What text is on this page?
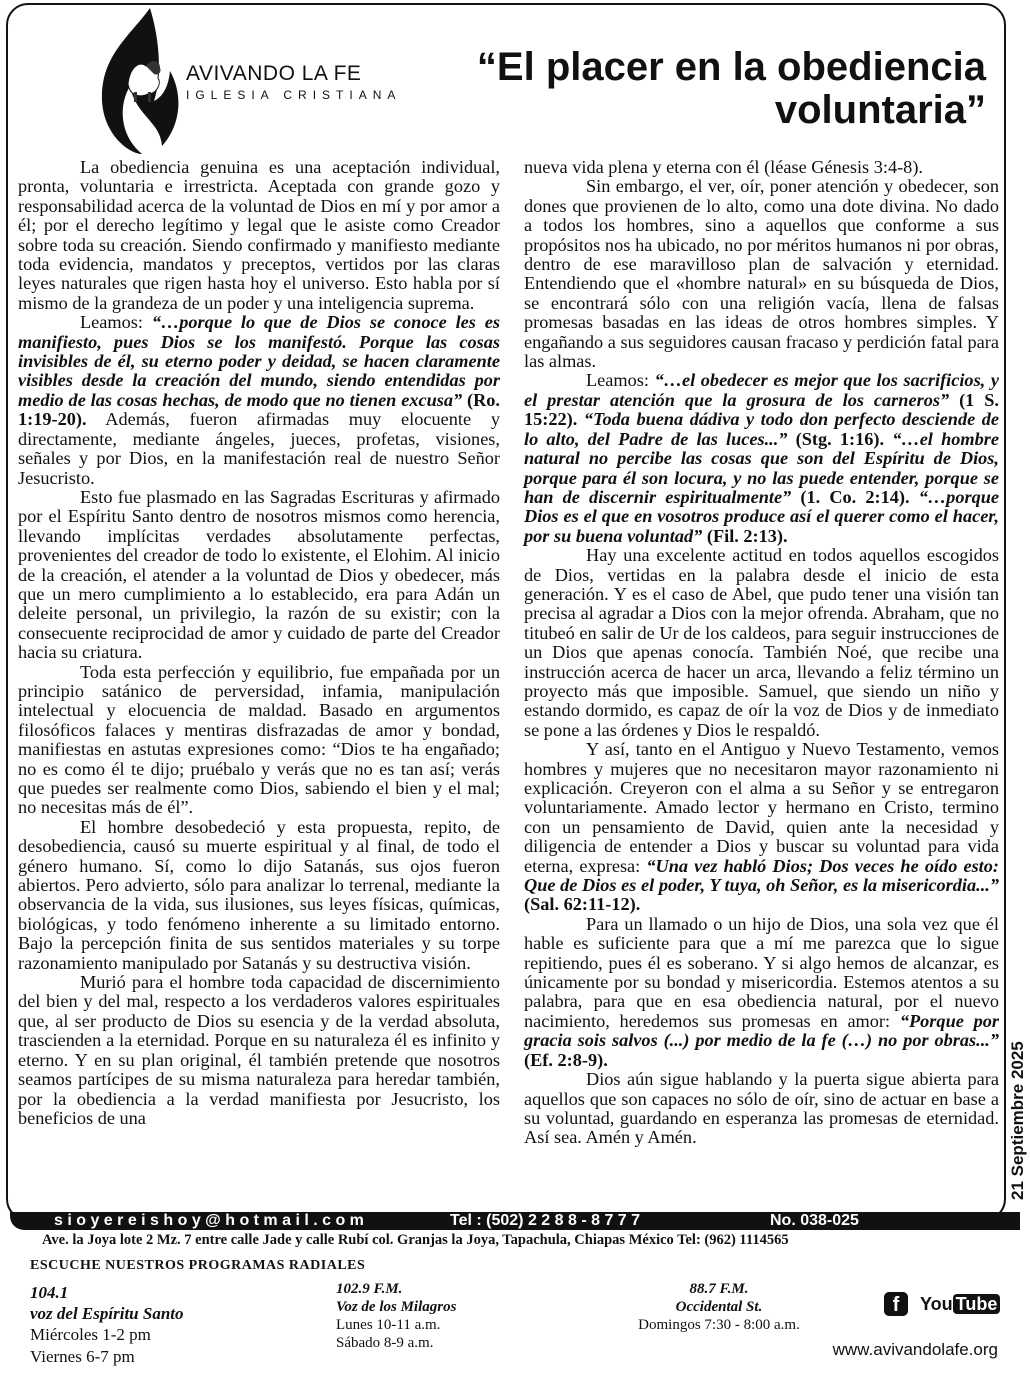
AVIVANDO LA FE
IGLESIA CRISTIANA
“El placer en la obediencia voluntaria”

La obediencia genuina es una aceptación individual, pronta, voluntaria e irrestricta. Aceptada con grande gozo y responsabilidad acerca de la voluntad de Dios en mí y por amor a él; por el derecho legítimo y legal que le asiste como Creador sobre toda su creación. Siendo confirmado y manifiesto mediante toda evidencia, mandatos y preceptos, vertidos por las claras leyes naturales que rigen hasta hoy el universo. Esto habla por sí mismo de la grandeza de un poder y una inteligencia suprema.

Leamos: “…porque lo que de Dios se conoce les es manifiesto, pues Dios se los manifestó. Porque las cosas invisibles de él, su eterno poder y deidad, se hacen claramente visibles desde la creación del mundo, siendo entendidas por medio de las cosas hechas, de modo que no tienen excusa” (Ro. 1:19-20). Además, fueron afirmadas muy elocuente y directamente, mediante ángeles, jueces, profetas, visiones, señales y por Dios, en la manifestación real de nuestro Señor Jesucristo.

Esto fue plasmado en las Sagradas Escrituras y afirmado por el Espíritu Santo dentro de nosotros mismos como herencia, llevando implícitas verdades absolutamente perfectas, provenientes del creador de todo lo existente, el Elohim. Al inicio de la creación, el atender a la voluntad de Dios y obedecer, más que un mero cumplimiento a lo establecido, era para Adán un deleite personal, un privilegio, la razón de su existir; con la consecuente reciprocidad de amor y cuidado de parte del Creador hacia su criatura.

Toda esta perfección y equilibrio, fue empañada por un principio satánico de perversidad, infamia, manipulación intelectual y elocuencia de maldad. Basado en argumentos filosóficos falaces y mentiras disfrazadas de amor y bondad, manifiestas en astutas expresiones como: “Dios te ha engañado; no es como él te dijo; pruébalo y verás que no es tan así; verás que puedes ser realmente como Dios, sabiendo el bien y el mal; no necesitas más de él”.

El hombre desobedeció y esta propuesta, repito, de desobediencia, causó su muerte espiritual y al final, de todo el género humano. Sí, como lo dijo Satanás, sus ojos fueron abiertos. Pero advierto, sólo para analizar lo terrenal, mediante la observancia de la vida, sus ilusiones, sus leyes físicas, químicas, biológicas, y todo fenómeno inherente a su limitado entorno. Bajo la percepción finita de sus sentidos materiales y su torpe razonamiento manipulado por Satanás y su destructiva visión.

Murió para el hombre toda capacidad de discernimiento del bien y del mal, respecto a los verdaderos valores espirituales que, al ser producto de Dios su esencia y de la verdad absoluta, trascienden a la eternidad. Porque en su naturaleza él es infinito y eterno. Y en su plan original, él también pretende que nosotros seamos partícipes de su misma naturaleza para heredar también, por la obediencia a la verdad manifiesta por Jesucristo, los beneficios de una

nueva vida plena y eterna con él (léase Génesis 3:4-8).

Sin embargo, el ver, oír, poner atención y obedecer, son dones que provienen de lo alto, como una dote divina. No dado a todos los hombres, sino a aquellos que conforme a sus propósitos nos ha ubicado, no por méritos humanos ni por obras, dentro de ese maravilloso plan de salvación y eternidad. Entendiendo que el «hombre natural» en su búsqueda de Dios, se encontrará sólo con una religión vacía, llena de falsas promesas basadas en las ideas de otros hombres simples. Y engañando a sus seguidores causan fracaso y perdición fatal para las almas.

Leamos: “…el obedecer es mejor que los sacrificios, y el prestar atención que la grosura de los carneros” (1 S. 15:22). “Toda buena dádiva y todo don perfecto desciende de lo alto, del Padre de las luces...” (Stg. 1:16). “…el hombre natural no percibe las cosas que son del Espíritu de Dios, porque para él son locura, y no las puede entender, porque se han de discernir espiritualmente” (1. Co. 2:14). “…porque Dios es el que en vosotros produce así el querer como el hacer, por su buena voluntad” (Fil. 2:13).

Hay una excelente actitud en todos aquellos escogidos de Dios, vertidas en la palabra desde el inicio de esta generación. Y es el caso de Abel, que pudo tener una visión tan precisa al agradar a Dios con la mejor ofrenda. Abraham, que no titubeó en salir de Ur de los caldeos, para seguir instrucciones de un Dios que apenas conocía. También Noé, que recibe una instrucción acerca de hacer un arca, llevando a feliz término un proyecto más que imposible. Samuel, que siendo un niño y estando dormido, es capaz de oír la voz de Dios y de inmediato se pone a las órdenes y Dios le respaldó.

Y así, tanto en el Antiguo y Nuevo Testamento, vemos hombres y mujeres que no necesitaron mayor razonamiento ni explicación. Creyeron con el alma a su Señor y se entregaron voluntariamente. Amado lector y hermano en Cristo, termino con un pensamiento de David, quien ante la necesidad y diligencia de entender a Dios y buscar su voluntad para vida eterna, expresa: “Una vez habló Dios; Dos veces he oído esto: Que de Dios es el poder, Y tuya, oh Señor, es la misericordia...” (Sal. 62:11-12).

Para un llamado o un hijo de Dios, una sola vez que él hable es suficiente para que a mí me parezca que lo sigue repitiendo, pues él es soberano. Y si algo hemos de alcanzar, es únicamente por su bondad y misericordia. Estemos atentos a su palabra, para que en esa obediencia natural, por el nuevo nacimiento, heredemos sus promesas en amor: “Porque por gracia sois salvos (...) por medio de la fe (…) no por obras...” (Ef. 2:8-9).

Dios aún sigue hablando y la puerta sigue abierta para aquellos que son capaces no sólo de oír, sino de actuar en base a su voluntad, guardando en esperanza las promesas de eternidad. Así sea. Amén y Amén.	21 Septiembre 2025
s i o y e r e i s h o y @ h o t m a i l . c o m	Tel : (502) 2 2 8 8 - 8 7 7 7	No. 038-025
Ave. la Joya lote 2 Mz. 7 entre calle Jade y calle Rubí col. Granjas la Joya, Tapachula, Chiapas México Tel: (962) 1114565
ESCUCHE NUESTROS PROGRAMAS RADIALES
104.1
voz del Espíritu Santo
Miércoles 1-2 pm
Viernes 6-7 pm
102.9 F.M.
Voz de los Milagros
Lunes 10-11 a.m.
Sábado 8-9 a.m.
88.7 F.M.
Occidental St.
Domingos 7:30 - 8:00 a.m.
f	You Tube
www.avivandolafe.org
